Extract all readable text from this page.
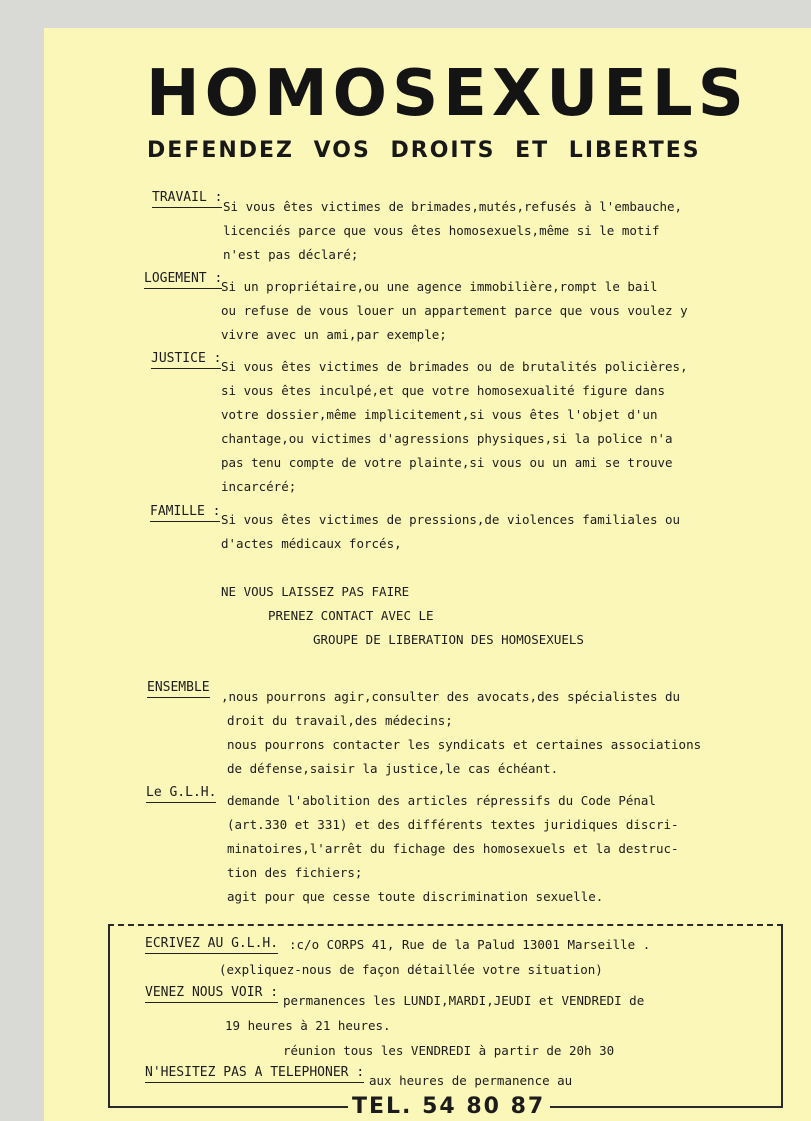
HOMOSEXUELS
DEFENDEZ VOS DROITS ET LIBERTES
TRAVAIL :
Si vous êtes victimes de brimades,mutés,refusés à l'embauche,
licenciés parce que vous êtes homosexuels,même si le motif
n'est pas déclaré;
LOGEMENT :
Si un propriétaire,ou une agence immobilière,rompt le bail
ou refuse de vous louer un appartement parce que vous voulez y
vivre avec un ami,par exemple;
JUSTICE :
Si vous êtes victimes de brimades ou de brutalités policières,
si vous êtes inculpé,et que votre homosexualité figure dans
votre dossier,même implicitement,si vous êtes l'objet d'un
chantage,ou victimes d'agressions physiques,si la police n'a
pas tenu compte de votre plainte,si vous ou un ami se trouve
incarcéré;
FAMILLE :
Si vous êtes victimes de pressions,de violences familiales ou
d'actes médicaux forcés,
NE VOUS LAISSEZ PAS FAIRE
PRENEZ CONTACT AVEC LE
GROUPE DE LIBERATION DES HOMOSEXUELS
ENSEMBLE
,nous pourrons agir,consulter des avocats,des spécialistes du
droit du travail,des médecins;
nous pourrons contacter les syndicats et certaines associations
de défense,saisir la justice,le cas échéant.
Le G.L.H.
demande l'abolition des articles répressifs du Code Pénal
(art.330 et 331) et des différents textes juridiques discri-
minatoires,l'arrêt du fichage des homosexuels et la destruc-
tion des fichiers;
agit pour que cesse toute discrimination sexuelle.
ECRIVEZ AU G.L.H. :c/o CORPS 41, Rue de la Palud 13001 Marseille .
(expliquez-nous de façon détaillée votre situation)
VENEZ NOUS VOIR :
permanences les LUNDI,MARDI,JEUDI et VENDREDI de
19 heures à 21 heures.
réunion tous les VENDREDI à partir de 20h 30
N'HESITEZ PAS A TELEPHONER :
aux heures de permanence au
TEL. 54 80 87
